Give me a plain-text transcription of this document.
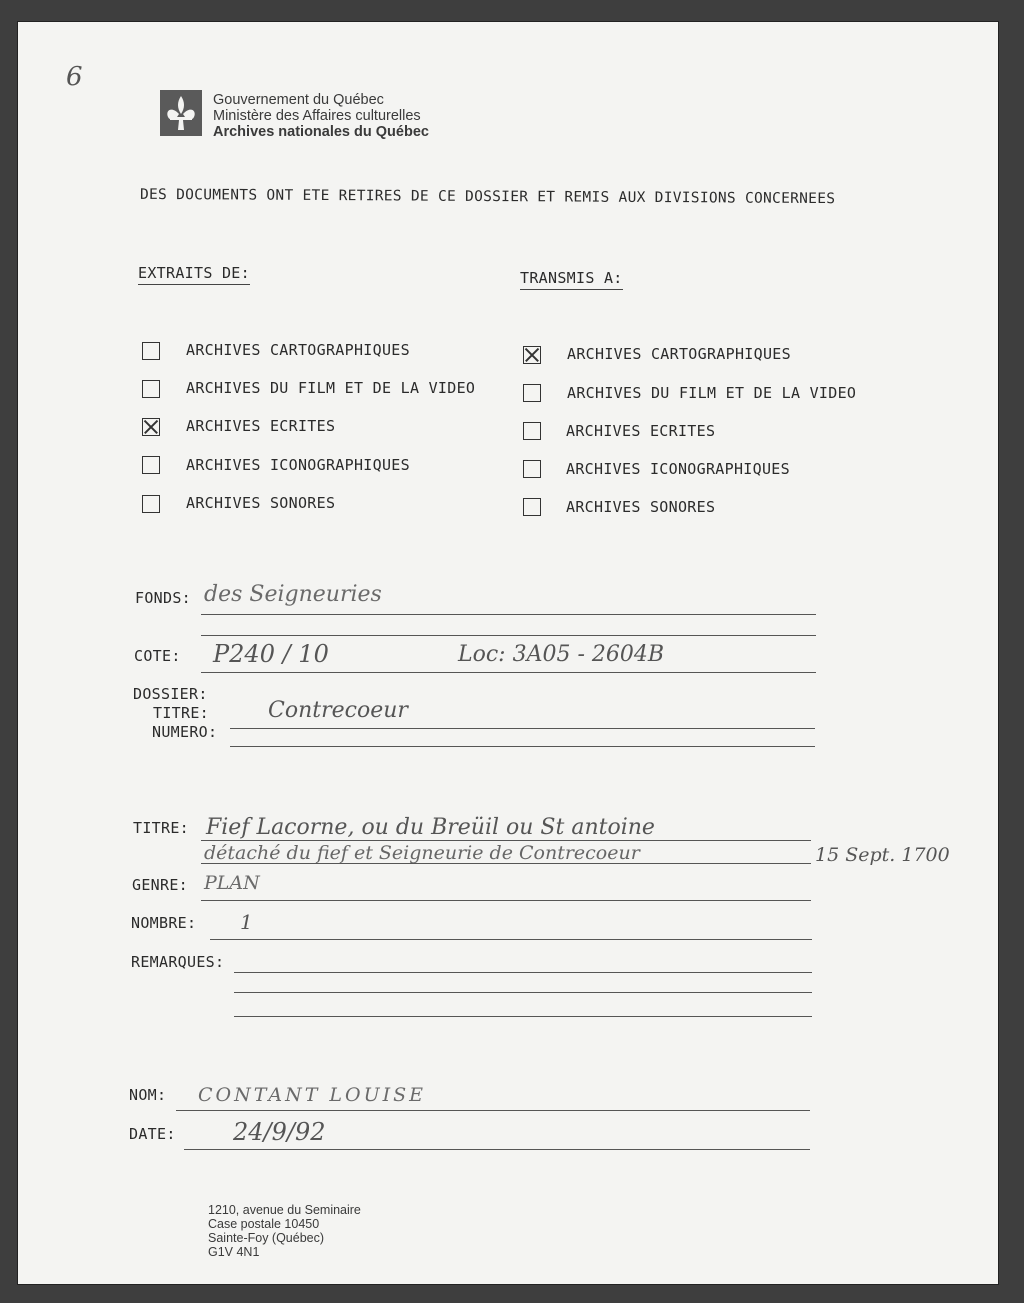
6
Gouvernement du Québec
Ministère des Affaires culturelles
Archives nationales du Québec
DES DOCUMENTS ONT ETE RETIRES DE CE DOSSIER ET REMIS AUX DIVISIONS CONCERNEES
EXTRAITS DE:
ARCHIVES CARTOGRAPHIQUES
ARCHIVES DU FILM ET DE LA VIDEO
ARCHIVES ECRITES
ARCHIVES ICONOGRAPHIQUES
ARCHIVES SONORES
TRANSMIS A:
ARCHIVES CARTOGRAPHIQUES
ARCHIVES DU FILM ET DE LA VIDEO
ARCHIVES ECRITES
ARCHIVES ICONOGRAPHIQUES
ARCHIVES SONORES
FONDS: des Seigneuries
COTE: P240 / 10	Loc: 3A05 - 2604B
DOSSIER:
TITRE:	Contrecoeur
NUMERO:
TITRE: Fief Lacorne, ou du Breüil ou St antoine
détaché du fief et Seigneurie de Contrecoeur	15 Sept. 1700
GENRE: PLAN
NOMBRE: 1
REMARQUES:
NOM: CONTANT LOUISE
DATE: 24/9/92
1210, avenue du Seminaire
Case postale 10450
Sainte-Foy (Québec)
G1V 4N1
